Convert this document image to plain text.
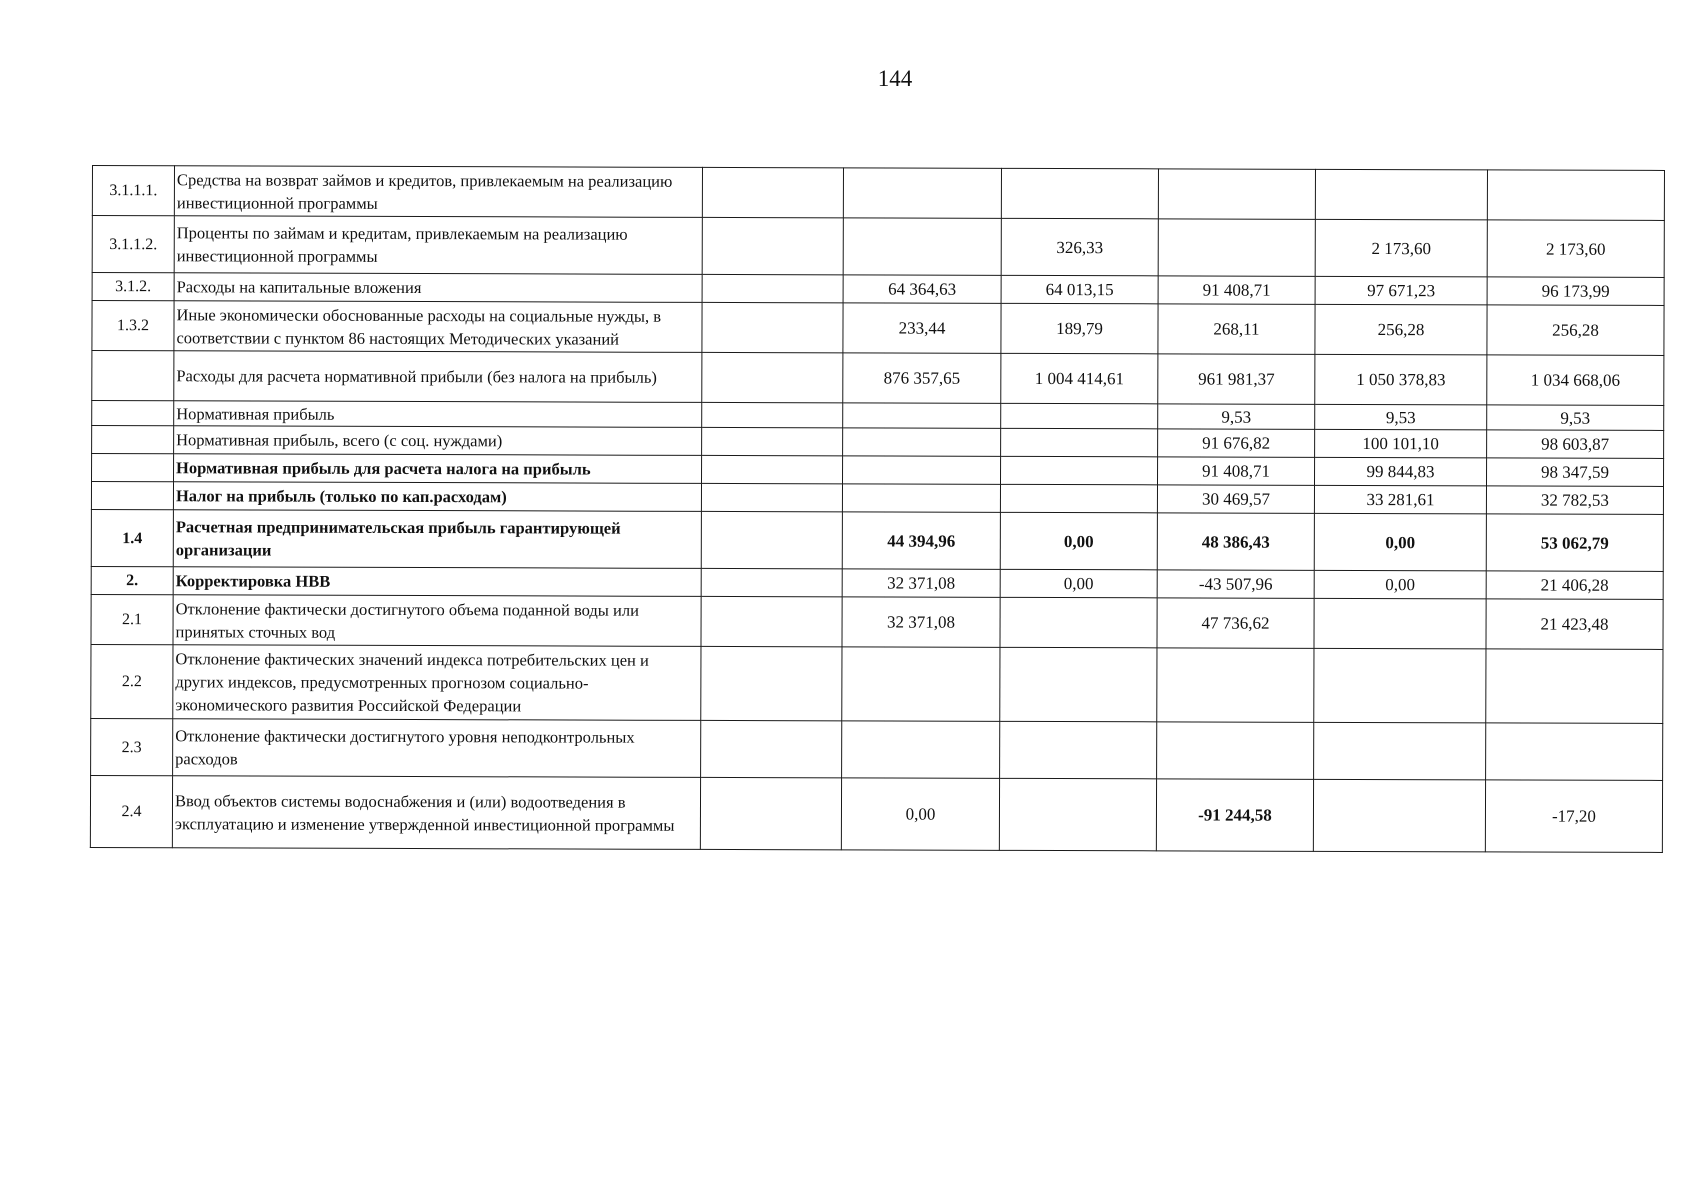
144
3.1.1.1.	Средства на возврат займов и кредитов, привлекаемым на реализацию инвестиционной программы						
3.1.1.2.	Проценты по займам и кредитам, привлекаемым на реализацию инвестиционной программы			326,33		2 173,60	2 173,60
3.1.2.	Расходы на капитальные вложения		64 364,63	64 013,15	91 408,71	97 671,23	96 173,99
1.3.2	Иные экономически обоснованные расходы на социальные нужды, в соответствии с пунктом 86 настоящих Методических указаний		233,44	189,79	268,11	256,28	256,28
	Расходы для расчета нормативной прибыли (без налога на прибыль)		876 357,65	1 004 414,61	961 981,37	1 050 378,83	1 034 668,06
	Нормативная прибыль				9,53	9,53	9,53
	Нормативная прибыль, всего (с соц. нуждами)				91 676,82	100 101,10	98 603,87
	Нормативная прибыль для расчета налога на прибыль				91 408,71	99 844,83	98 347,59
	Налог на прибыль (только по кап.расходам)				30 469,57	33 281,61	32 782,53
1.4	Расчетная предпринимательская прибыль гарантирующей организации		44 394,96	0,00	48 386,43	0,00	53 062,79
2.	Корректировка НВВ		32 371,08	0,00	-43 507,96	0,00	21 406,28
2.1	Отклонение фактически достигнутого объема поданной воды или принятых сточных вод		32 371,08		47 736,62		21 423,48
2.2	Отклонение фактических значений индекса потребительских цен и других индексов, предусмотренных прогнозом социально-экономического развития Российской Федерации						
2.3	Отклонение фактически достигнутого уровня неподконтрольных расходов						
2.4	Ввод объектов системы водоснабжения и (или) водоотведения в эксплуатацию и изменение утвержденной инвестиционной программы		0,00		-91 244,58		-17,20
